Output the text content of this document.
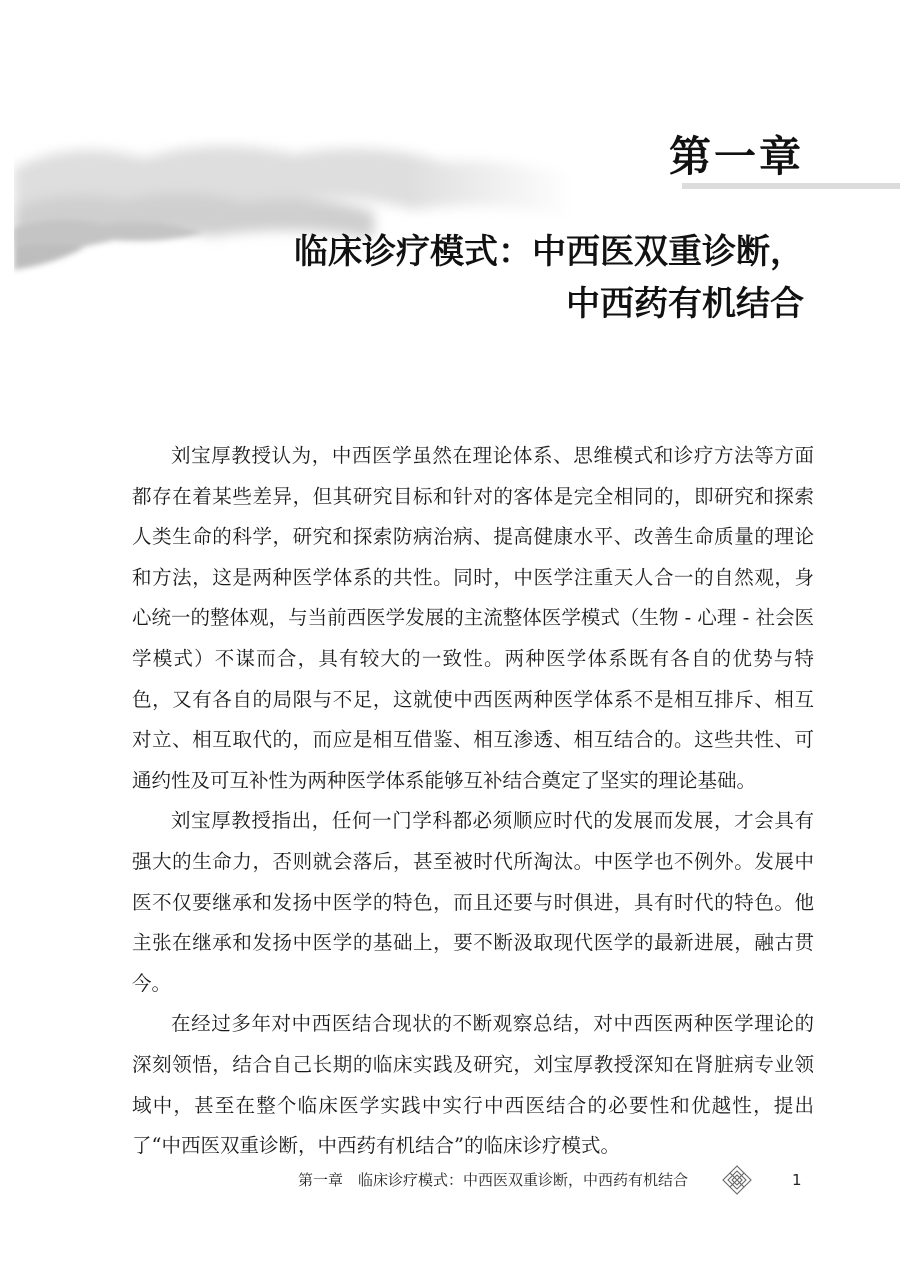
第一章
临床诊疗模式：中西医双重诊断，
中西药有机结合

刘宝厚教授认为，中西医学虽然在理论体系、思维模式和诊疗方法等方面都存在着某些差异，但其研究目标和针对的客体是完全相同的，即研究和探索人类生命的科学，研究和探索防病治病、提高健康水平、改善生命质量的理论和方法，这是两种医学体系的共性。同时，中医学注重天人合一的自然观，身心统一的整体观，与当前西医学发展的主流整体医学模式（生物 - 心理 - 社会医学模式）不谋而合，具有较大的一致性。两种医学体系既有各自的优势与特色，又有各自的局限与不足，这就使中西医两种医学体系不是相互排斥、相互对立、相互取代的，而应是相互借鉴、相互渗透、相互结合的。这些共性、可通约性及可互补性为两种医学体系能够互补结合奠定了坚实的理论基础。

刘宝厚教授指出，任何一门学科都必须顺应时代的发展而发展，才会具有强大的生命力，否则就会落后，甚至被时代所淘汰。中医学也不例外。发展中医不仅要继承和发扬中医学的特色，而且还要与时俱进，具有时代的特色。他主张在继承和发扬中医学的基础上，要不断汲取现代医学的最新进展，融古贯今。

在经过多年对中西医结合现状的不断观察总结，对中西医两种医学理论的深刻领悟，结合自己长期的临床实践及研究，刘宝厚教授深知在肾脏病专业领域中，甚至在整个临床医学实践中实行中西医结合的必要性和优越性，提出了“中西医双重诊断，中西药有机结合”的临床诊疗模式。

第一章　临床诊疗模式：中西医双重诊断，中西药有机结合	1
